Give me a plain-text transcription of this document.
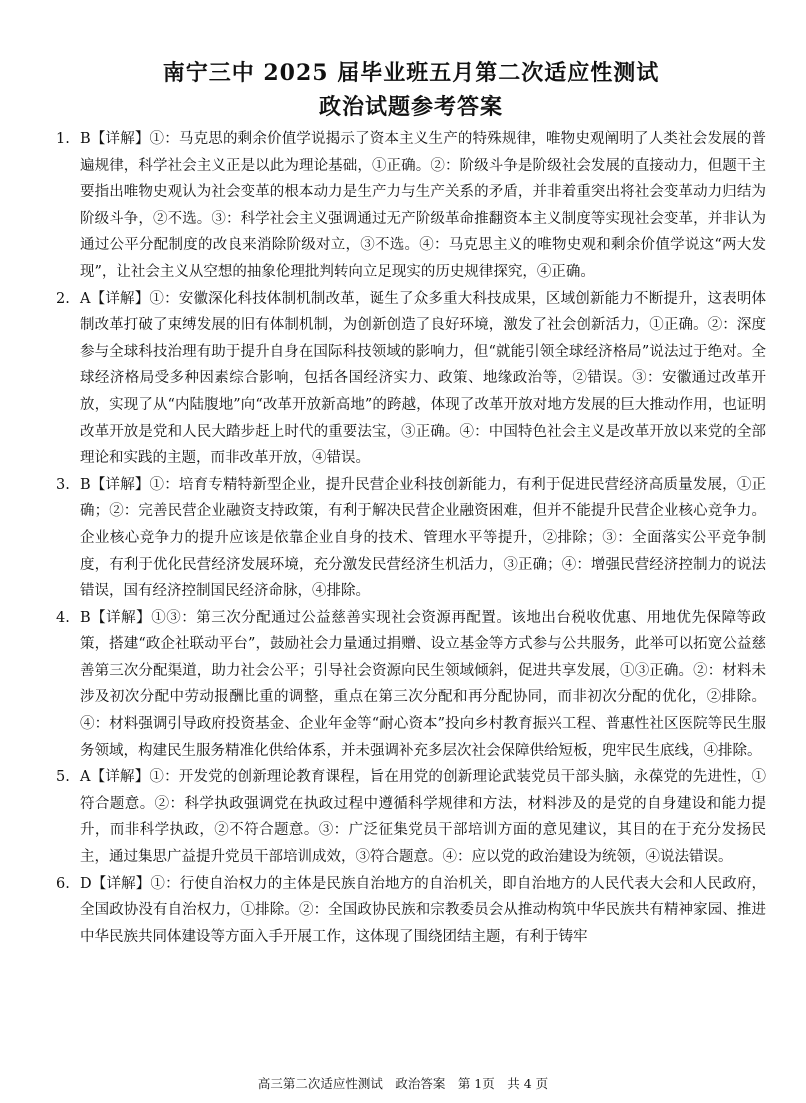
南宁三中 2025 届毕业班五月第二次适应性测试
政治试题参考答案
1. B【详解】①：马克思的剩余价值学说揭示了资本主义生产的特殊规律，唯物史观阐明了人类社会发展的普遍规律，科学社会主义正是以此为理论基础，①正确。②：阶级斗争是阶级社会发展的直接动力，但题干主要指出唯物史观认为社会变革的根本动力是生产力与生产关系的矛盾，并非着重突出将社会变革动力归结为阶级斗争，②不选。③：科学社会主义强调通过无产阶级革命推翻资本主义制度等实现社会变革，并非认为通过公平分配制度的改良来消除阶级对立，③不选。④：马克思主义的唯物史观和剩余价值学说这“两大发现”，让社会主义从空想的抽象伦理批判转向立足现实的历史规律探究，④正确。
2. A【详解】①：安徽深化科技体制机制改革，诞生了众多重大科技成果，区域创新能力不断提升，这表明体制改革打破了束缚发展的旧有体制机制，为创新创造了良好环境，激发了社会创新活力，①正确。②：深度参与全球科技治理有助于提升自身在国际科技领域的影响力，但“就能引领全球经济格局”说法过于绝对。全球经济格局受多种因素综合影响，包括各国经济实力、政策、地缘政治等，②错误。③：安徽通过改革开放，实现了从“内陆腹地”向“改革开放新高地”的跨越，体现了改革开放对地方发展的巨大推动作用，也证明改革开放是党和人民大踏步赶上时代的重要法宝，③正确。④：中国特色社会主义是改革开放以来党的全部理论和实践的主题，而非改革开放，④错误。
3. B【详解】①：培育专精特新型企业，提升民营企业科技创新能力，有利于促进民营经济高质量发展，①正确；②：完善民营企业融资支持政策，有利于解决民营企业融资困难，但并不能提升民营企业核心竞争力。企业核心竞争力的提升应该是依靠企业自身的技术、管理水平等提升，②排除；③：全面落实公平竞争制度，有利于优化民营经济发展环境，充分激发民营经济生机活力，③正确；④：增强民营经济控制力的说法错误，国有经济控制国民经济命脉，④排除。
4. B【详解】①③：第三次分配通过公益慈善实现社会资源再配置。该地出台税收优惠、用地优先保障等政策，搭建“政企社联动平台”，鼓励社会力量通过捐赠、设立基金等方式参与公共服务，此举可以拓宽公益慈善第三次分配渠道，助力社会公平；引导社会资源向民生领域倾斜，促进共享发展，①③正确。②：材料未涉及初次分配中劳动报酬比重的调整，重点在第三次分配和再分配协同，而非初次分配的优化，②排除。④：材料强调引导政府投资基金、企业年金等“耐心资本”投向乡村教育振兴工程、普惠性社区医院等民生服务领域，构建民生服务精准化供给体系，并未强调补充多层次社会保障供给短板，兜牢民生底线，④排除。
5. A【详解】①：开发党的创新理论教育课程，旨在用党的创新理论武装党员干部头脑，永葆党的先进性，①符合题意。②：科学执政强调党在执政过程中遵循科学规律和方法，材料涉及的是党的自身建设和能力提升，而非科学执政，②不符合题意。③：广泛征集党员干部培训方面的意见建议，其目的在于充分发扬民主，通过集思广益提升党员干部培训成效，③符合题意。④：应以党的政治建设为统领，④说法错误。
6. D【详解】①：行使自治权力的主体是民族自治地方的自治机关，即自治地方的人民代表大会和人民政府，全国政协没有自治权力，①排除。②：全国政协民族和宗教委员会从推动构筑中华民族共有精神家园、推进中华民族共同体建设等方面入手开展工作，这体现了围绕团结主题，有利于铸牢
高三第二次适应性测试　政治答案　第 1页　共 4 页
